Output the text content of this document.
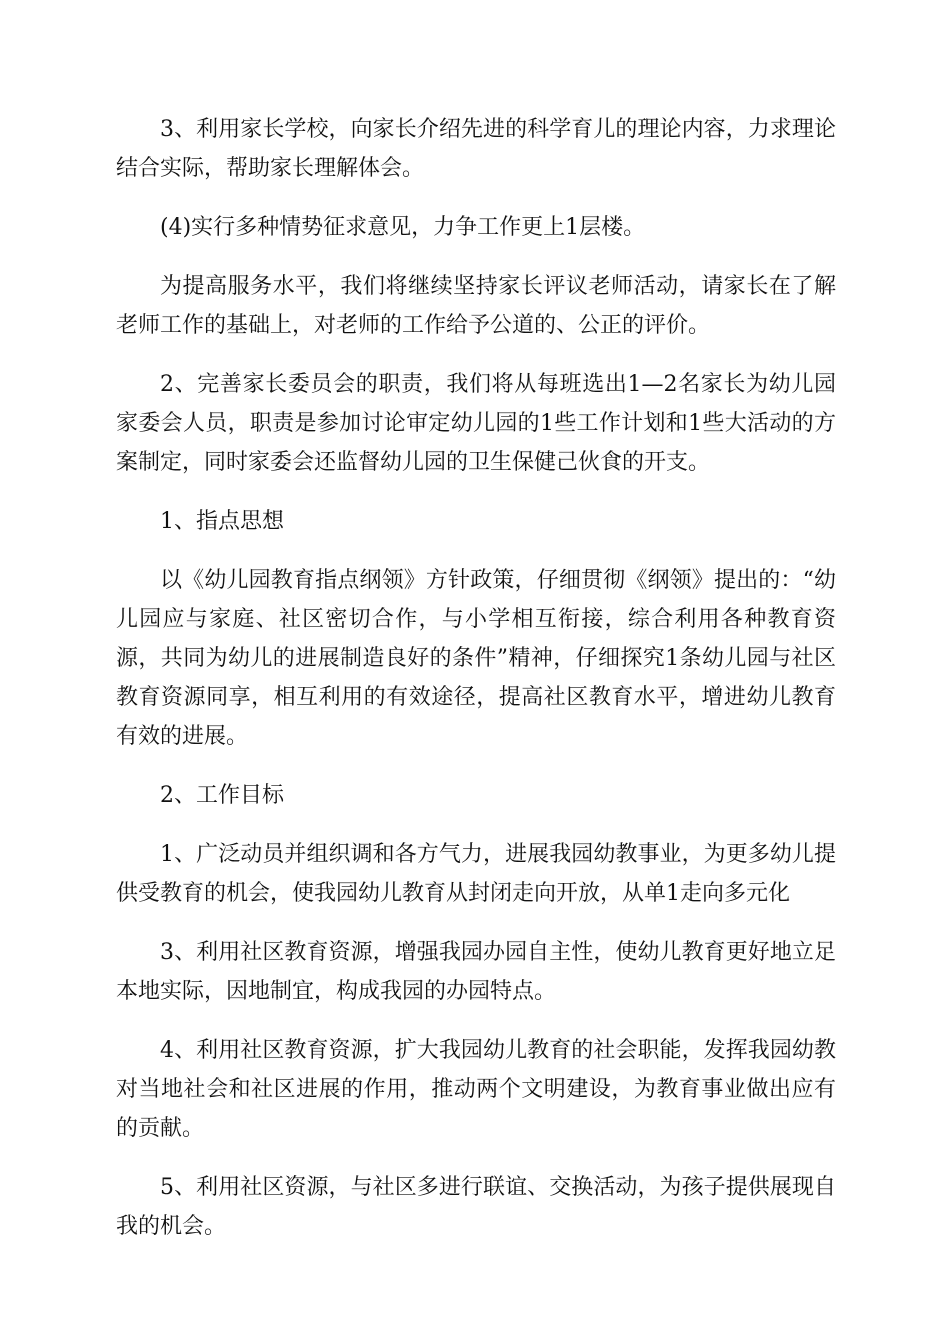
3、利用家长学校，向家长介绍先进的科学育儿的理论内容，力求理论结合实际，帮助家长理解体会。

(4)实行多种情势征求意见，力争工作更上1层楼。

为提高服务水平，我们将继续坚持家长评议老师活动，请家长在了解老师工作的基础上，对老师的工作给予公道的、公正的评价。

2、完善家长委员会的职责，我们将从每班选出1—2名家长为幼儿园家委会人员，职责是参加讨论审定幼儿园的1些工作计划和1些大活动的方案制定，同时家委会还监督幼儿园的卫生保健己伙食的开支。

1、指点思想

以《幼儿园教育指点纲领》方针政策，仔细贯彻《纲领》提出的：“幼儿园应与家庭、社区密切合作，与小学相互衔接，综合利用各种教育资源，共同为幼儿的进展制造良好的条件”精神，仔细探究1条幼儿园与社区教育资源同享，相互利用的有效途径，提高社区教育水平，增进幼儿教育有效的进展。

2、工作目标

1、广泛动员并组织调和各方气力，进展我园幼教事业，为更多幼儿提供受教育的机会，使我园幼儿教育从封闭走向开放，从单1走向多元化

3、利用社区教育资源，增强我园办园自主性，使幼儿教育更好地立足本地实际，因地制宜，构成我园的办园特点。

4、利用社区教育资源，扩大我园幼儿教育的社会职能，发挥我园幼教对当地社会和社区进展的作用，推动两个文明建设，为教育事业做出应有的贡献。

5、利用社区资源，与社区多进行联谊、交换活动，为孩子提供展现自我的机会。
